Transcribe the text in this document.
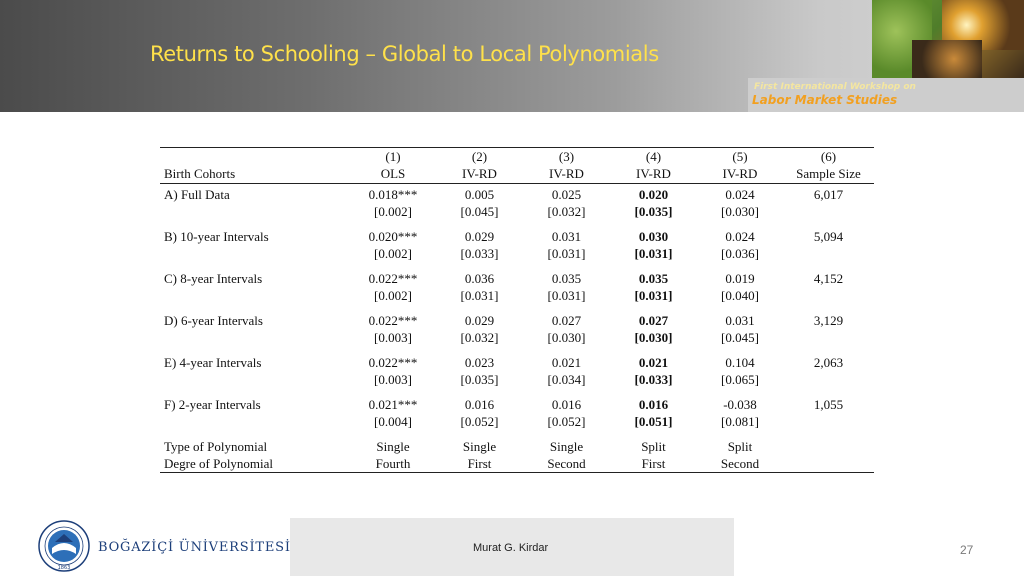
Returns to Schooling – Global to Local Polynomials
First International Workshop on
Labor Market Studies
	(1)	(2)	(3)	(4)	(5)	(6)
Birth Cohorts	OLS	IV-RD	IV-RD	IV-RD	IV-RD	Sample Size
A) Full Data	0.018***	0.005	0.025	0.020	0.024	6,017
	[0.002]	[0.045]	[0.032]	[0.035]	[0.030]	

B) 10-year Intervals	0.020***	0.029	0.031	0.030	0.024	5,094
	[0.002]	[0.033]	[0.031]	[0.031]	[0.036]	

C) 8-year Intervals	0.022***	0.036	0.035	0.035	0.019	4,152
	[0.002]	[0.031]	[0.031]	[0.031]	[0.040]	

D) 6-year Intervals	0.022***	0.029	0.027	0.027	0.031	3,129
	[0.003]	[0.032]	[0.030]	[0.030]	[0.045]	

E) 4-year Intervals	0.022***	0.023	0.021	0.021	0.104	2,063
	[0.003]	[0.035]	[0.034]	[0.033]	[0.065]	

F) 2-year Intervals	0.021***	0.016	0.016	0.016	-0.038	1,055
	[0.004]	[0.052]	[0.052]	[0.051]	[0.081]	

Type of Polynomial	Single	Single	Single	Split	Split	
Degre of Polynomial	Fourth	First	Second	First	Second	
Murat G. Kirdar	27
1863
BOĞAZİÇİ ÜNİVERSİTESİ
